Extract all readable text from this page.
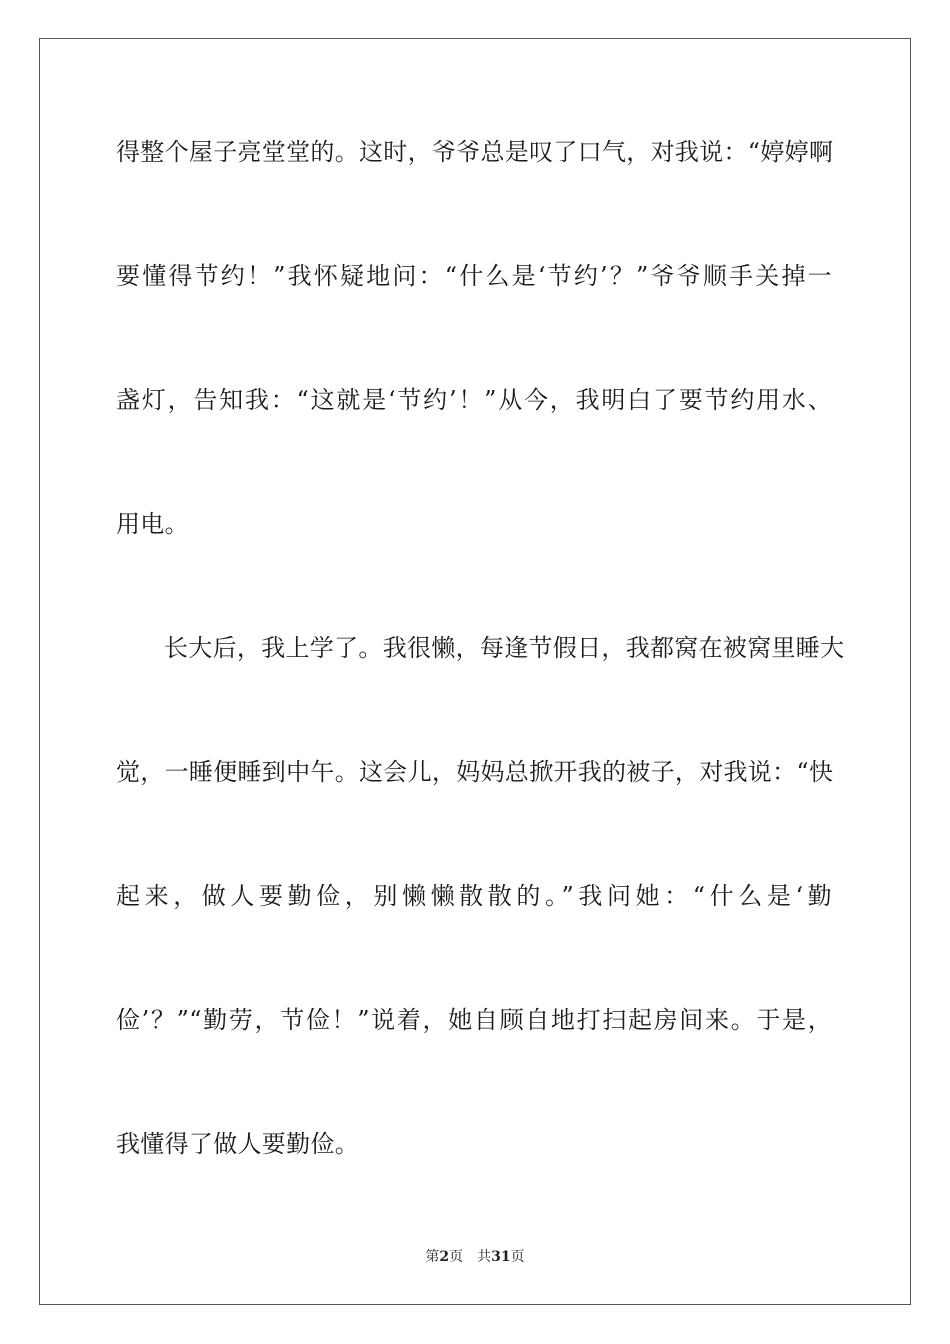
得整个屋子亮堂堂的。这时，爷爷总是叹了口气，对我说：“婷婷啊
要懂得节约！”我怀疑地问：“什么是‘节约’？”爷爷顺手关掉一
盏灯，告知我：“这就是‘节约’！”从今，我明白了要节约用水、
用电。
长大后，我上学了。我很懒，每逢节假日，我都窝在被窝里睡大
觉，一睡便睡到中午。这会儿，妈妈总掀开我的被子，对我说：“快
起来，做人要勤俭，别懒懒散散的。”我问她：“什么是‘勤
俭’？”“勤劳，节俭！”说着，她自顾自地打扫起房间来。于是，
我懂得了做人要勤俭。
第2页 共31页
